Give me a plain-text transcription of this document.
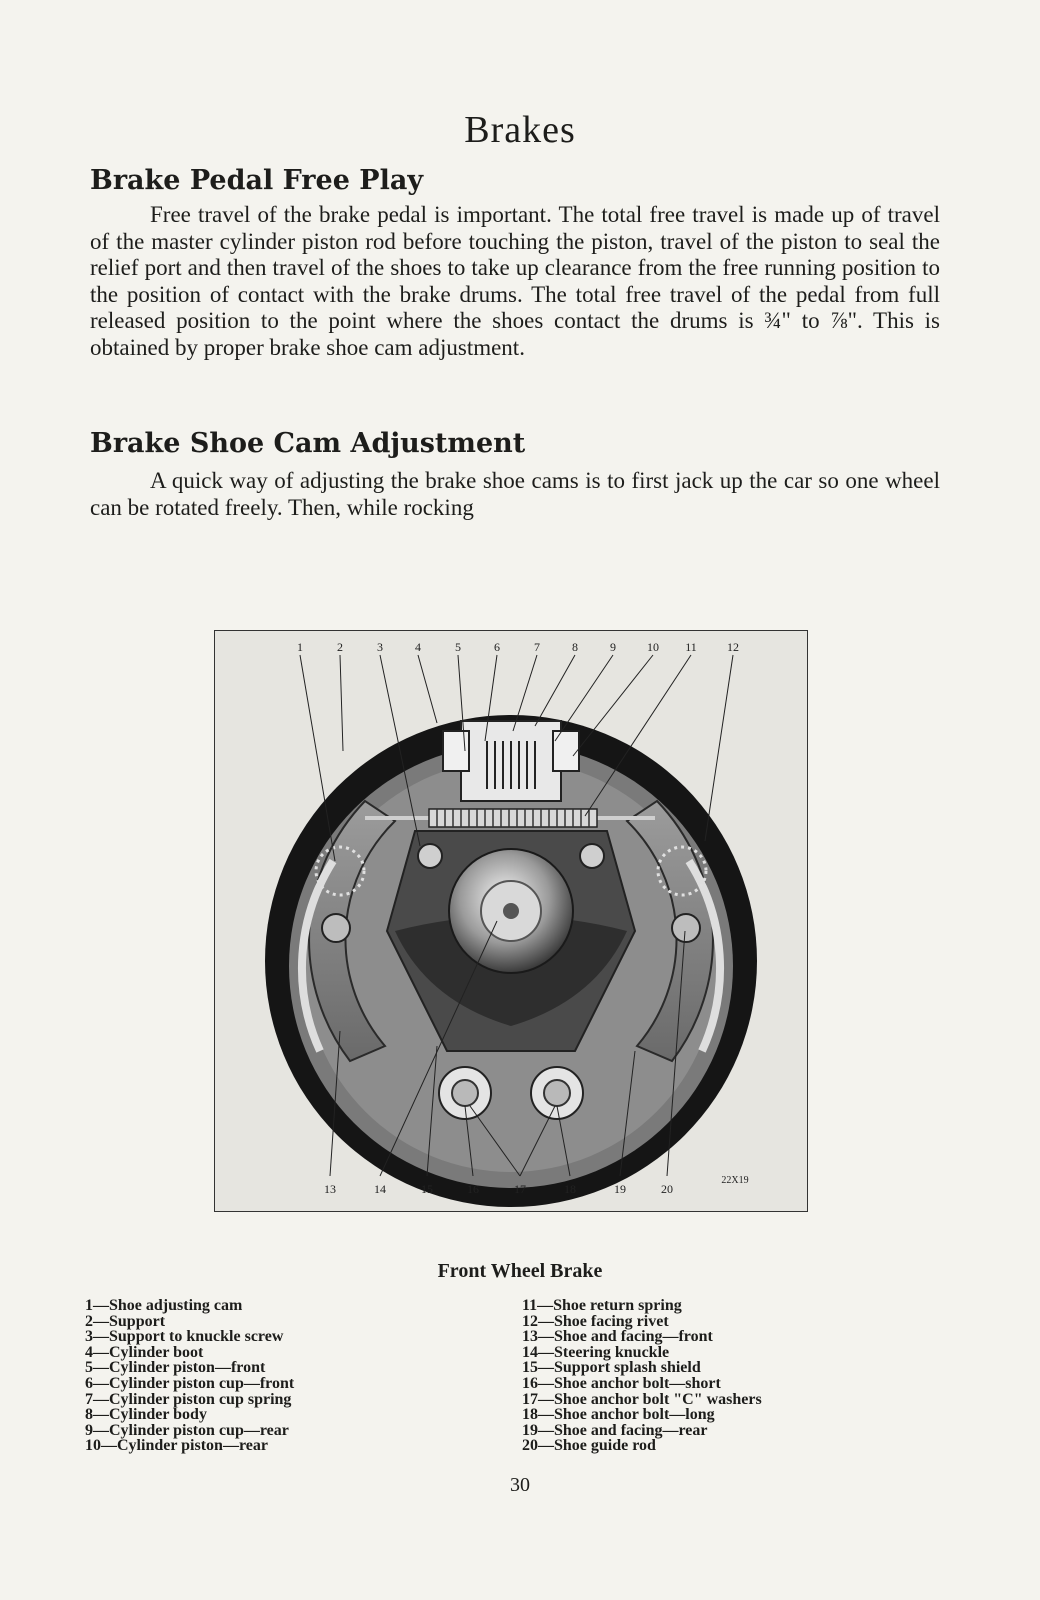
Brakes
Brake Pedal Free Play

Free travel of the brake pedal is important. The total free travel is made up of travel of the master cylinder piston rod before touching the piston, travel of the piston to seal the relief port and then travel of the shoes to take up clearance from the free running position to the position of contact with the brake drums. The total free travel of the pedal from full released position to the point where the shoes contact the drums is ¾" to ⅞". This is obtained by proper brake shoe cam adjustment.

Brake Shoe Cam Adjustment

A quick way of adjusting the brake shoe cams is to first jack up the car so one wheel can be rotated freely. Then, while rocking

1	2	3	4	5	6	7	8	9	10 11	12
13	14	15	16	17	18	19	20
22X19
Front Wheel Brake
1—Shoe adjusting cam
2—Support
3—Support to knuckle screw
4—Cylinder boot
5—Cylinder piston—front
6—Cylinder piston cup—front
7—Cylinder piston cup spring
8—Cylinder body
9—Cylinder piston cup—rear
10—Cylinder piston—rear
11—Shoe return spring
12—Shoe facing rivet
13—Shoe and facing—front
14—Steering knuckle
15—Support splash shield
16—Shoe anchor bolt—short
17—Shoe anchor bolt "C" washers
18—Shoe anchor bolt—long
19—Shoe and facing—rear
20—Shoe guide rod
30
